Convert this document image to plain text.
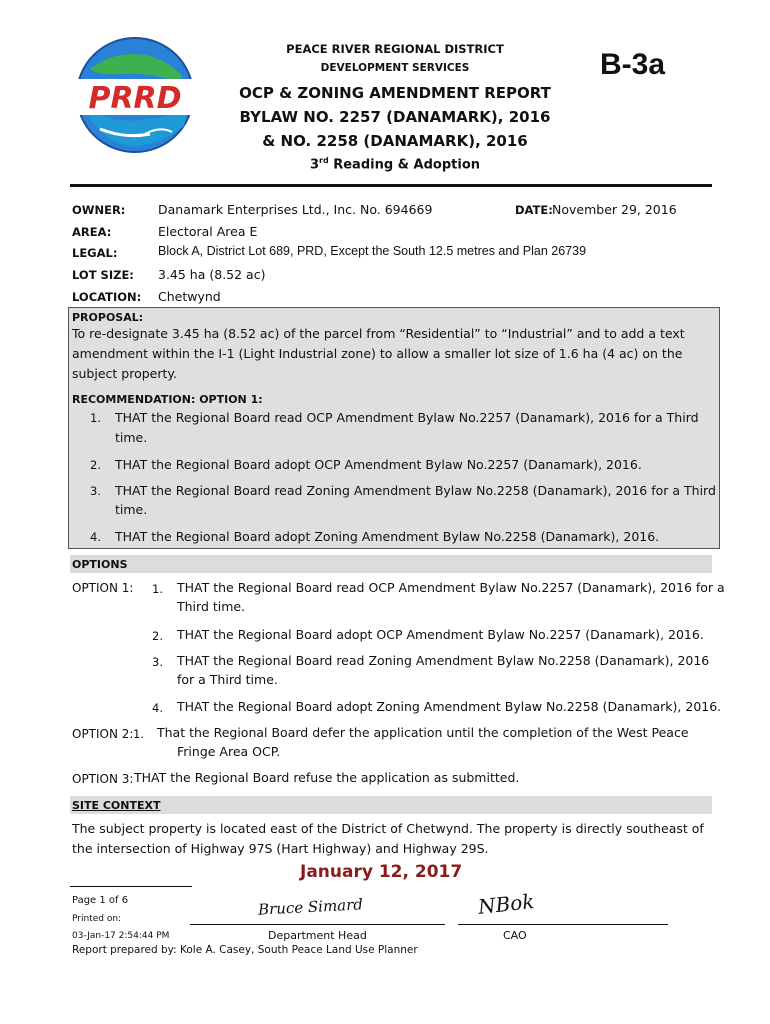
PRRD
PEACE RIVER REGIONAL DISTRICT
DEVELOPMENT SERVICES	B-3a
OCP & ZONING AMENDMENT REPORT
BYLAW NO. 2257 (DANAMARK), 2016
& NO. 2258 (DANAMARK), 2016
3rd Reading & Adoption
OWNER:	Danamark Enterprises Ltd., Inc. No. 694669	DATE: November 29, 2016
AREA:	Electoral Area E
LEGAL:	Block A, District Lot 689, PRD, Except the South 12.5 metres and Plan 26739
LOT SIZE: 3.45 ha (8.52 ac)
LOCATION: Chetwynd
PROPOSAL:
To re-designate 3.45 ha (8.52 ac) of the parcel from “Residential” to “Industrial” and to add a text
amendment within the I-1 (Light Industrial zone) to allow a smaller lot size of 1.6 ha (4 ac) on the
subject property.
RECOMMENDATION: OPTION 1:
1. THAT the Regional Board read OCP Amendment Bylaw No.2257 (Danamark), 2016 for a Third
time.
2. THAT the Regional Board adopt OCP Amendment Bylaw No.2257 (Danamark), 2016.
3. THAT the Regional Board read Zoning Amendment Bylaw No.2258 (Danamark), 2016 for a Third
time.
4. THAT the Regional Board adopt Zoning Amendment Bylaw No.2258 (Danamark), 2016.
OPTIONS
OPTION 1: 1. THAT the Regional Board read OCP Amendment Bylaw No.2257 (Danamark), 2016 for a
Third time.
2. THAT the Regional Board adopt OCP Amendment Bylaw No.2257 (Danamark), 2016.
3. THAT the Regional Board read Zoning Amendment Bylaw No.2258 (Danamark), 2016
for a Third time.
4. THAT the Regional Board adopt Zoning Amendment Bylaw No.2258 (Danamark), 2016.
OPTION 2: 1. That the Regional Board defer the application until the completion of the West Peace
Fringe Area OCP.
OPTION 3: THAT the Regional Board refuse the application as submitted.
SITE CONTEXT
The subject property is located east of the District of Chetwynd. The property is directly southeast of
the intersection of Highway 97S (Hart Highway) and Highway 29S.
January 12, 2017
Page 1 of 6
Printed on:
03-Jan-17 2:54:44 PM
Bruce Simard
Department Head
NBok
CAO
Report prepared by: Kole A. Casey, South Peace Land Use Planner
